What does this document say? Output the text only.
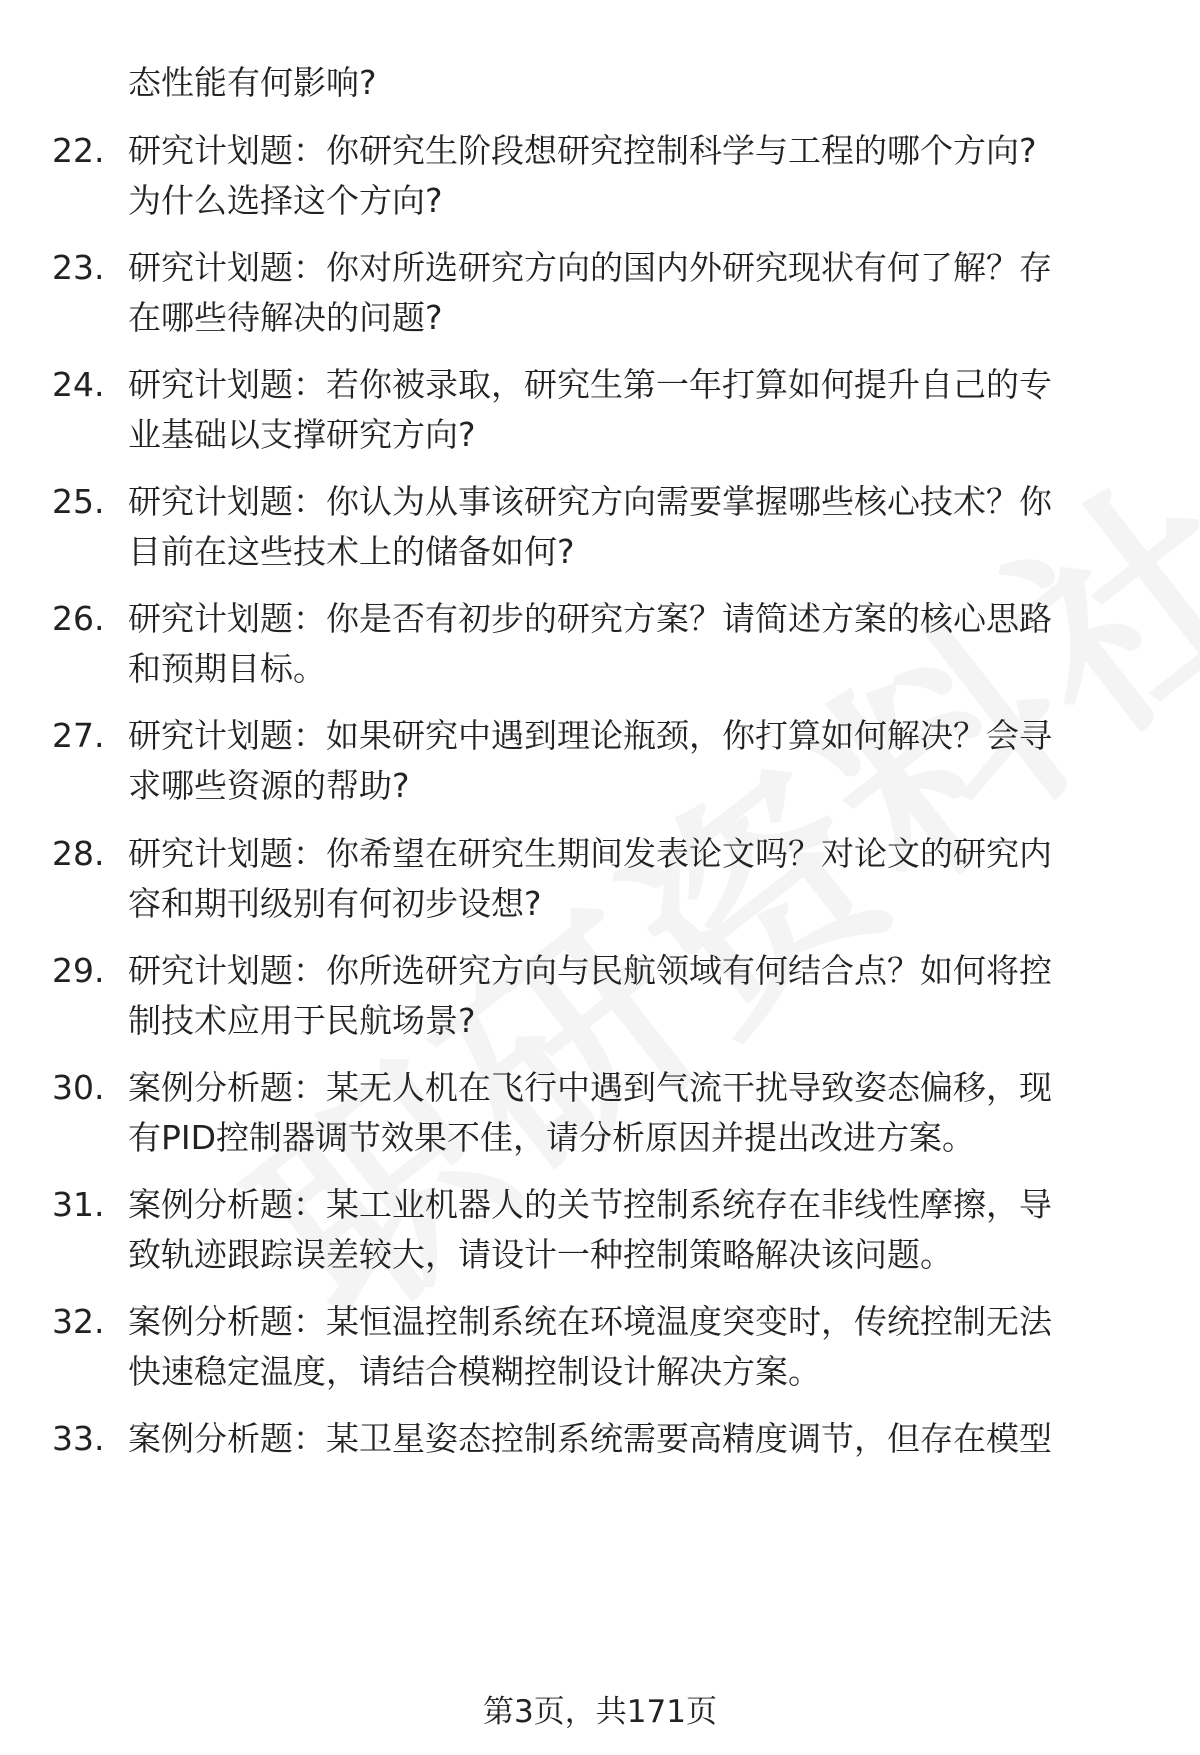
态性能有何影响?
22. 研究计划题：你研究生阶段想研究控制科学与工程的哪个方向?
为什么选择这个方向?
23. 研究计划题：你对所选研究方向的国内外研究现状有何了解？存
在哪些待解决的问题?
24. 研究计划题：若你被录取，研究生第一年打算如何提升自己的专
业基础以支撑研究方向?
25. 研究计划题：你认为从事该研究方向需要掌握哪些核心技术？你
目前在这些技术上的储备如何?
26. 研究计划题：你是否有初步的研究方案？请简述方案的核心思路
和预期目标。
27. 研究计划题：如果研究中遇到理论瓶颈，你打算如何解决？会寻
求哪些资源的帮助?
28. 研究计划题：你希望在研究生期间发表论文吗？对论文的研究内
容和期刊级别有何初步设想?
29. 研究计划题：你所选研究方向与民航领域有何结合点？如何将控
制技术应用于民航场景?
30. 案例分析题：某无人机在飞行中遇到气流干扰导致姿态偏移，现
有PID控制器调节效果不佳，请分析原因并提出改进方案。
31. 案例分析题：某工业机器人的关节控制系统存在非线性摩擦，导
致轨迹跟踪误差较大，请设计一种控制策略解决该问题。
32. 案例分析题：某恒温控制系统在环境温度突变时，传统控制无法
快速稳定温度，请结合模糊控制设计解决方案。
33. 案例分析题：某卫星姿态控制系统需要高精度调节，但存在模型
第3页，共171页
